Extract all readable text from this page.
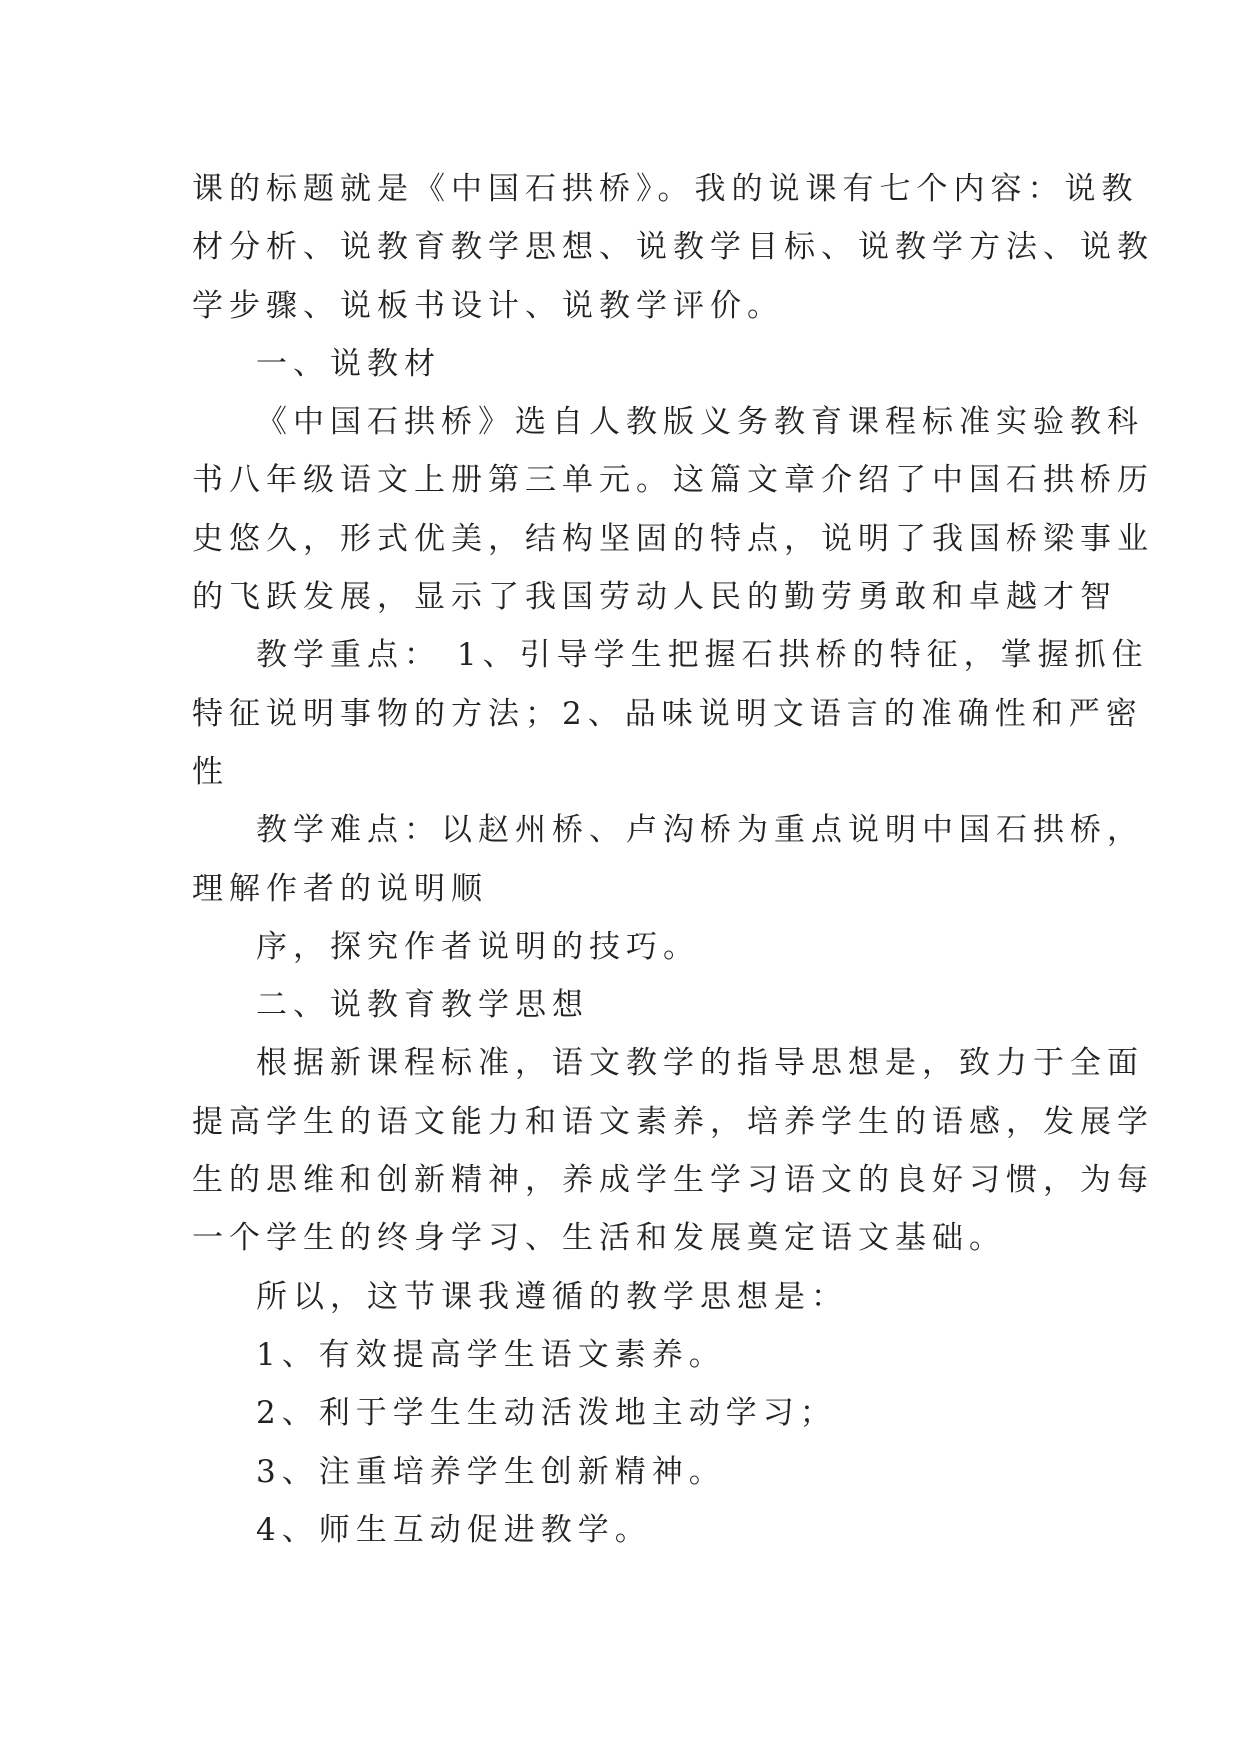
课的标题就是《中国石拱桥》。我的说课有七个内容：说教
材分析、说教育教学思想、说教学目标、说教学方法、说教
学步骤、说板书设计、说教学评价。
一、说教材
《中国石拱桥》选自人教版义务教育课程标准实验教科
书八年级语文上册第三单元。这篇文章介绍了中国石拱桥历
史悠久，形式优美，结构坚固的特点，说明了我国桥梁事业
的飞跃发展，显示了我国劳动人民的勤劳勇敢和卓越才智
教学重点： 1、引导学生把握石拱桥的特征，掌握抓住
特征说明事物的方法；2、品味说明文语言的准确性和严密
性
教学难点：以赵州桥、卢沟桥为重点说明中国石拱桥，
理解作者的说明顺
序，探究作者说明的技巧。
二、说教育教学思想
根据新课程标准，语文教学的指导思想是，致力于全面
提高学生的语文能力和语文素养，培养学生的语感，发展学
生的思维和创新精神，养成学生学习语文的良好习惯，为每
一个学生的终身学习、生活和发展奠定语文基础。
所以，这节课我遵循的教学思想是：
1、有效提高学生语文素养。
2、利于学生生动活泼地主动学习；
3、注重培养学生创新精神。
4、师生互动促进教学。
